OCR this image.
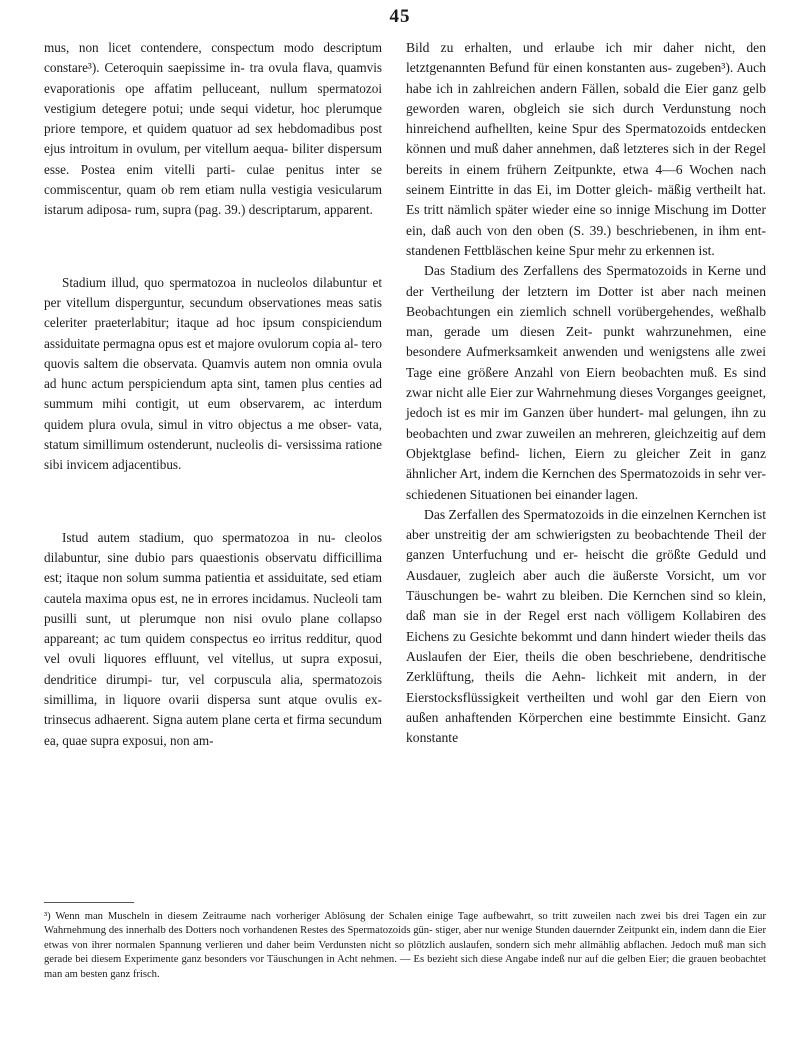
45

mus, non licet contendere, conspectum modo descriptum constare³). Ceteroquin saepissime in- tra ovula flava, quamvis evaporationis ope affatim pelluceant, nullum spermatozoi vestigium detegere potui; unde sequi videtur, hoc plerumque priore tempore, et quidem quatuor ad sex hebdomadibus post ejus introitum in ovulum, per vitellum aequa- biliter dispersum esse. Postea enim vitelli parti- culae penitus inter se commiscentur, quam ob rem etiam nulla vestigia vesicularum istarum adiposa- rum, supra (pag. 39.) descriptarum, apparent.

Stadium illud, quo spermatozoa in nucleolos dilabuntur et per vitellum disperguntur, secundum observationes meas satis celeriter praeterlabitur; itaque ad hoc ipsum conspiciendum assiduitate permagna opus est et majore ovulorum copia al- tero quovis saltem die observata. Quamvis autem non omnia ovula ad hunc actum perspiciendum apta sint, tamen plus centies ad summum mihi contigit, ut eum observarem, ac interdum quidem plura ovula, simul in vitro objectus a me obser- vata, statum simillimum ostenderunt, nucleolis di- versissima ratione sibi invicem adjacentibus.

Istud autem stadium, quo spermatozoa in nu- cleolos dilabuntur, sine dubio pars quaestionis observatu difficillima est; itaque non solum summa patientia et assiduitate, sed etiam cautela maxima opus est, ne in errores incidamus. Nucleoli tam pusilli sunt, ut plerumque non nisi ovulo plane collapso appareant; ac tum quidem conspectus eo irritus redditur, quod vel ovuli liquores effluunt, vel vitellus, ut supra exposui, dendritice dirumpi- tur, vel corpuscula alia, spermatozois simillima, in liquore ovarii dispersa sunt atque ovulis ex- trinsecus adhaerent. Signa autem plane certa et firma secundum ea, quae supra exposui, non am-

Bild zu erhalten, und erlaube ich mir daher nicht, den letztgenannten Befund für einen konstanten aus- zugeben³). Auch habe ich in zahlreichen andern Fällen, sobald die Eier ganz gelb geworden waren, obgleich sie sich durch Verdunstung noch hinreichend aufhellten, keine Spur des Spermatozoids entdecken können und muß daher annehmen, daß letzteres sich in der Regel bereits in einem frühern Zeitpunkte, etwa 4—6 Wochen nach seinem Eintritte in das Ei, im Dotter gleich- mäßig vertheilt hat. Es tritt nämlich später wieder eine so innige Mischung im Dotter ein, daß auch von den oben (S. 39.) beschriebenen, in ihm ent- standenen Fettbläschen keine Spur mehr zu erkennen ist.

Das Stadium des Zerfallens des Spermatozoids in Kerne und der Vertheilung der letztern im Dotter ist aber nach meinen Beobachtungen ein ziemlich schnell vorübergehendes, weßhalb man, gerade um diesen Zeit- punkt wahrzunehmen, eine besondere Aufmerksamkeit anwenden und wenigstens alle zwei Tage eine größere Anzahl von Eiern beobachten muß. Es sind zwar nicht alle Eier zur Wahrnehmung dieses Vorganges geeignet, jedoch ist es mir im Ganzen über hundert- mal gelungen, ihn zu beobachten und zwar zuweilen an mehreren, gleichzeitig auf dem Objektglase befind- lichen, Eiern zu gleicher Zeit in ganz ähnlicher Art, indem die Kernchen des Spermatozoids in sehr ver- schiedenen Situationen bei einander lagen.

Das Zerfallen des Spermatozoids in die einzelnen Kernchen ist aber unstreitig der am schwierigsten zu beobachtende Theil der ganzen Unterfuchung und er- heischt die größte Geduld und Ausdauer, zugleich aber auch die äußerste Vorsicht, um vor Täuschungen be- wahrt zu bleiben. Die Kernchen sind so klein, daß man sie in der Regel erst nach völligem Kollabiren des Eichens zu Gesichte bekommt und dann hindert wieder theils das Auslaufen der Eier, theils die oben beschriebene, dendritische Zerklüftung, theils die Aehn- lichkeit mit andern, in der Eierstocksflüssigkeit vertheilten und wohl gar den Eiern von außen anhaftenden Körperchen eine bestimmte Einsicht. Ganz konstante

³) Wenn man Muscheln in diesem Zeitraume nach vorheriger Ablösung der Schalen einige Tage aufbewahrt, so tritt zuweilen nach zwei bis drei Tagen ein zur Wahrnehmung des innerhalb des Dotters noch vorhandenen Restes des Spermatozoids gün- stiger, aber nur wenige Stunden dauernder Zeitpunkt ein, indem dann die Eier etwas von ihrer normalen Spannung verlieren und daher beim Verdunsten nicht so plötzlich auslaufen, sondern sich mehr allmählig abflachen. Jedoch muß man sich gerade bei diesem Experimente ganz besonders vor Täuschungen in Acht nehmen. — Es bezieht sich diese Angabe indeß nur auf die gelben Eier; die grauen beobachtet man am besten ganz frisch.
